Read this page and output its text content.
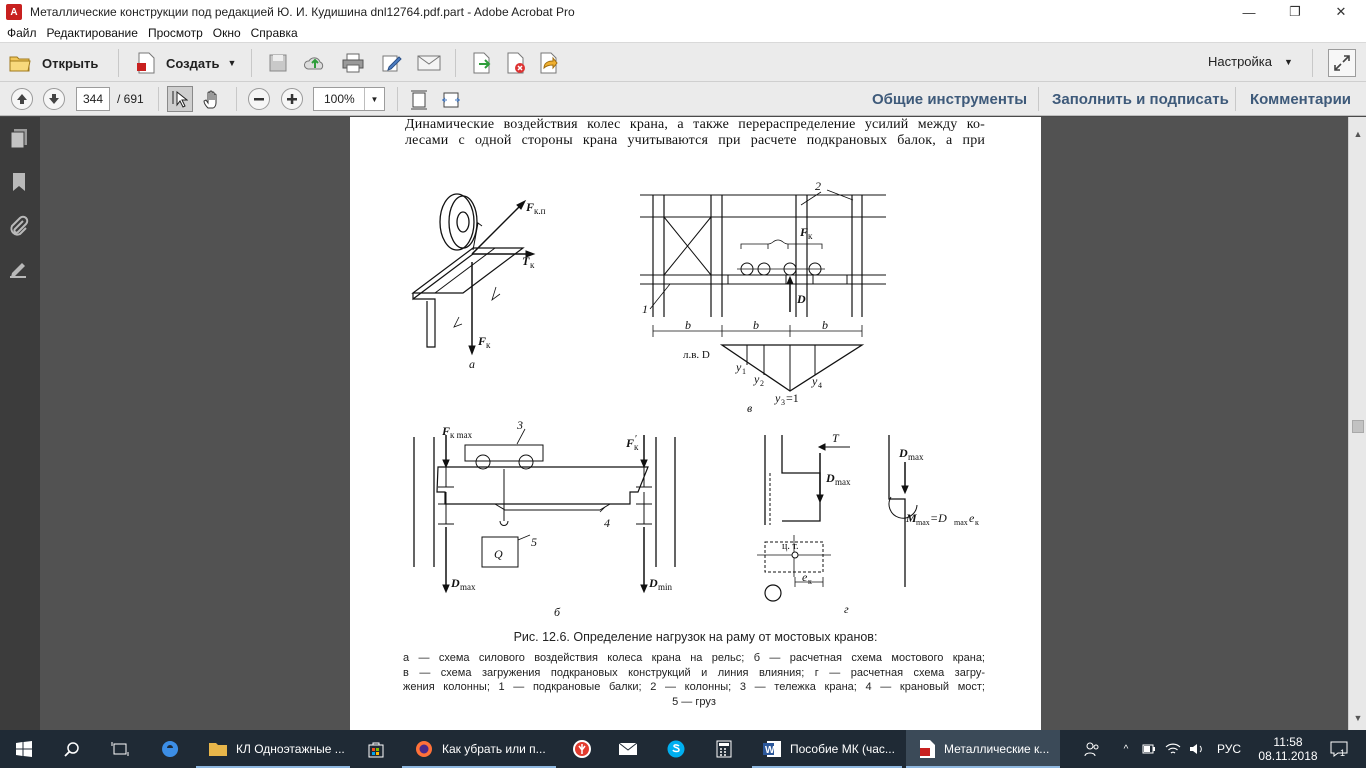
A	Металлические конструкции под редакцией Ю. И. Кудишина dnl12764.pdf.part - Adobe Acrobat Pro	—	❐	✕
Файл Редактирование Просмотр Окно Справка
Открыть	Создать ▼	Настройка ▼
344	/ 691	100%	▼	Общие инструменты Заполнить и подписать Комментарии
Динамические воздействия колес крана, а также перераспределение усилий между ко-
лесами с одной стороны крана учитываются при расчете подкрановых балок, а при
F к.п
T к
F к
а
2
1
D
F к
b	b	b
л.в. D
y 1
y 2
y 3 =1
y 4
в
Q
F к max
3
F к
′
4
5
D max	D min
б
T
D max
ц. т.
e к
D max
M max =D max e к
г
Рис. 12.6. Определение нагрузок на раму от мостовых кранов:
а — схема силового воздействия колеса крана на рельс; б — расчетная схема мостового крана;
в — схема загружения подкрановых конструкций и линия влияния; г — расчетная схема загру-
жения колонны; 1 — подкрановые балки; 2 — колонны; 3 — тележка крана; 4 — крановый мост;
5 — груз
▲
▼
КЛ Одноэтажные ...	Как убрать или п...	W Пособие МК (час...	Металлические к...	^	РУС	11:58
08.11.2018 1
